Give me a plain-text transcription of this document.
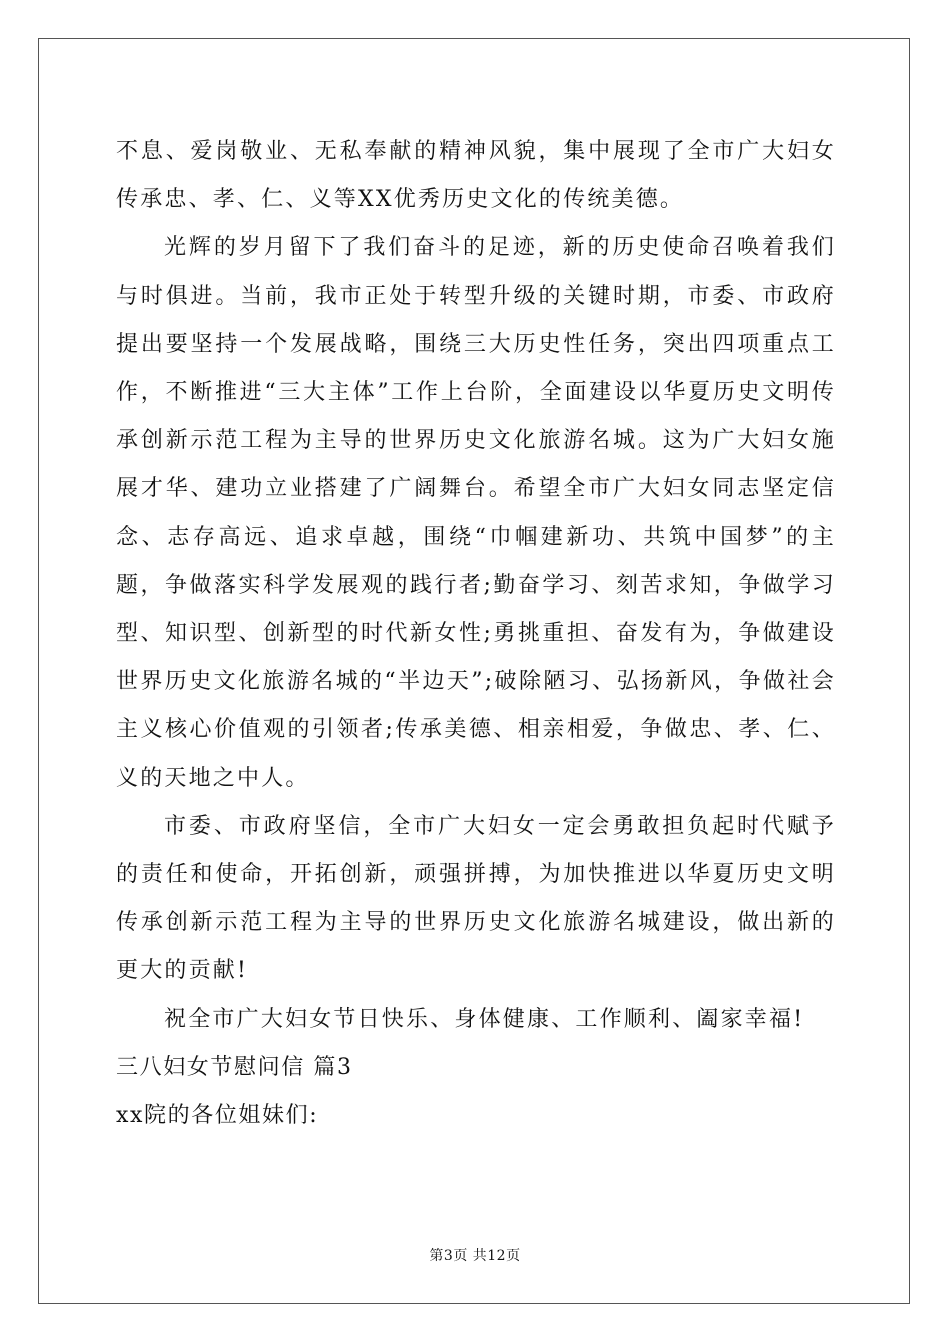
不息、爱岗敬业、无私奉献的精神风貌，集中展现了全市广大妇女传承忠、孝、仁、义等XX优秀历史文化的传统美德。

光辉的岁月留下了我们奋斗的足迹，新的历史使命召唤着我们与时俱进。当前，我市正处于转型升级的关键时期，市委、市政府提出要坚持一个发展战略，围绕三大历史性任务，突出四项重点工作，不断推进“三大主体”工作上台阶，全面建设以华夏历史文明传承创新示范工程为主导的世界历史文化旅游名城。这为广大妇女施展才华、建功立业搭建了广阔舞台。希望全市广大妇女同志坚定信念、志存高远、追求卓越，围绕“巾帼建新功、共筑中国梦”的主题，争做落实科学发展观的践行者;勤奋学习、刻苦求知，争做学习型、知识型、创新型的时代新女性;勇挑重担、奋发有为，争做建设世界历史文化旅游名城的“半边天”;破除陋习、弘扬新风，争做社会主义核心价值观的引领者;传承美德、相亲相爱，争做忠、孝、仁、义的天地之中人。

市委、市政府坚信，全市广大妇女一定会勇敢担负起时代赋予的责任和使命，开拓创新，顽强拼搏，为加快推进以华夏历史文明传承创新示范工程为主导的世界历史文化旅游名城建设，做出新的更大的贡献!

祝全市广大妇女节日快乐、身体健康、工作顺利、阖家幸福!

三八妇女节慰问信 篇3

xx院的各位姐妹们:

第3页 共12页
